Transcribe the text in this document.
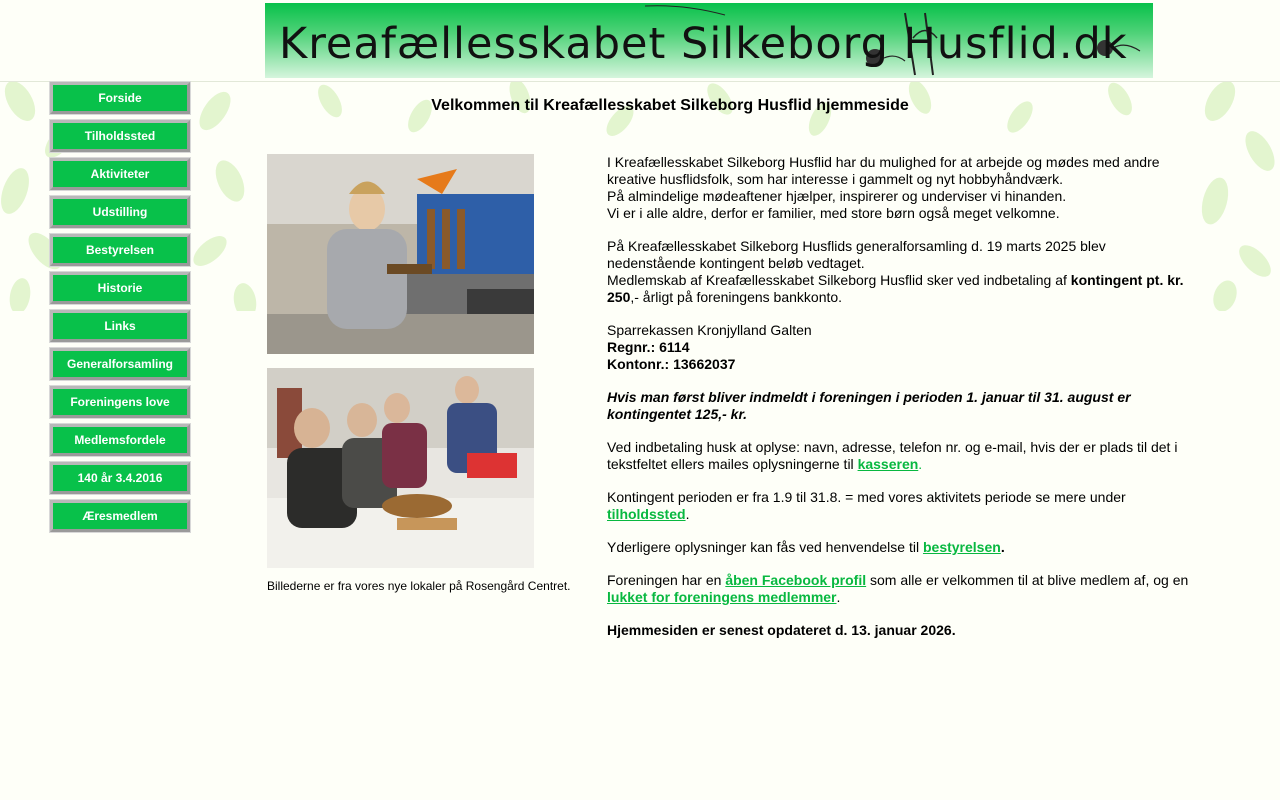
Kreafællesskabet Silkeborg Husflid.dk
Forside
Tilholdssted
Aktiviteter
Udstilling
Bestyrelsen
Historie
Links
Generalforsamling
Foreningens love
Medlemsfordele
140 år 3.4.2016
Æresmedlem
Velkommen til Kreafællesskabet Silkeborg Husflid hjemmeside
Billederne er fra vores nye lokaler på Rosengård Centret.

I Kreafællesskabet Silkeborg Husflid har du mulighed for at arbejde og mødes med andre kreative husflidsfolk, som har interesse i gammelt og nyt hobbyhåndværk.
På almindelige mødeaftener hjælper, inspirerer og underviser vi hinanden.
Vi er i alle aldre, derfor er familier, med store børn også meget velkomne.

På Kreafællesskabet Silkeborg Husflids generalforsamling d. 19 marts 2025 blev nedenstående kontingent beløb vedtaget.
Medlemskab af Kreafællesskabet Silkeborg Husflid sker ved indbetaling af kontingent pt. kr. 250,- årligt på foreningens bankkonto.

Sparrekassen Kronjylland Galten
Regnr.: 6114
Kontonr.: 13662037

Hvis man først bliver indmeldt i foreningen i perioden 1. januar til 31. august er kontingentet 125,- kr.

Ved indbetaling husk at oplyse: navn, adresse, telefon nr. og e-mail, hvis der er plads til det i tekstfeltet ellers mailes oplysningerne til kasseren.

Kontingent perioden er fra 1.9 til 31.8. = med vores aktivitets periode se mere under tilholdssted.

Yderligere oplysninger kan fås ved henvendelse til bestyrelsen.

Foreningen har en åben Facebook profil som alle er velkommen til at blive medlem af, og en lukket for foreningens medlemmer.

Hjemmesiden er senest opdateret d. 13. januar 2026.
